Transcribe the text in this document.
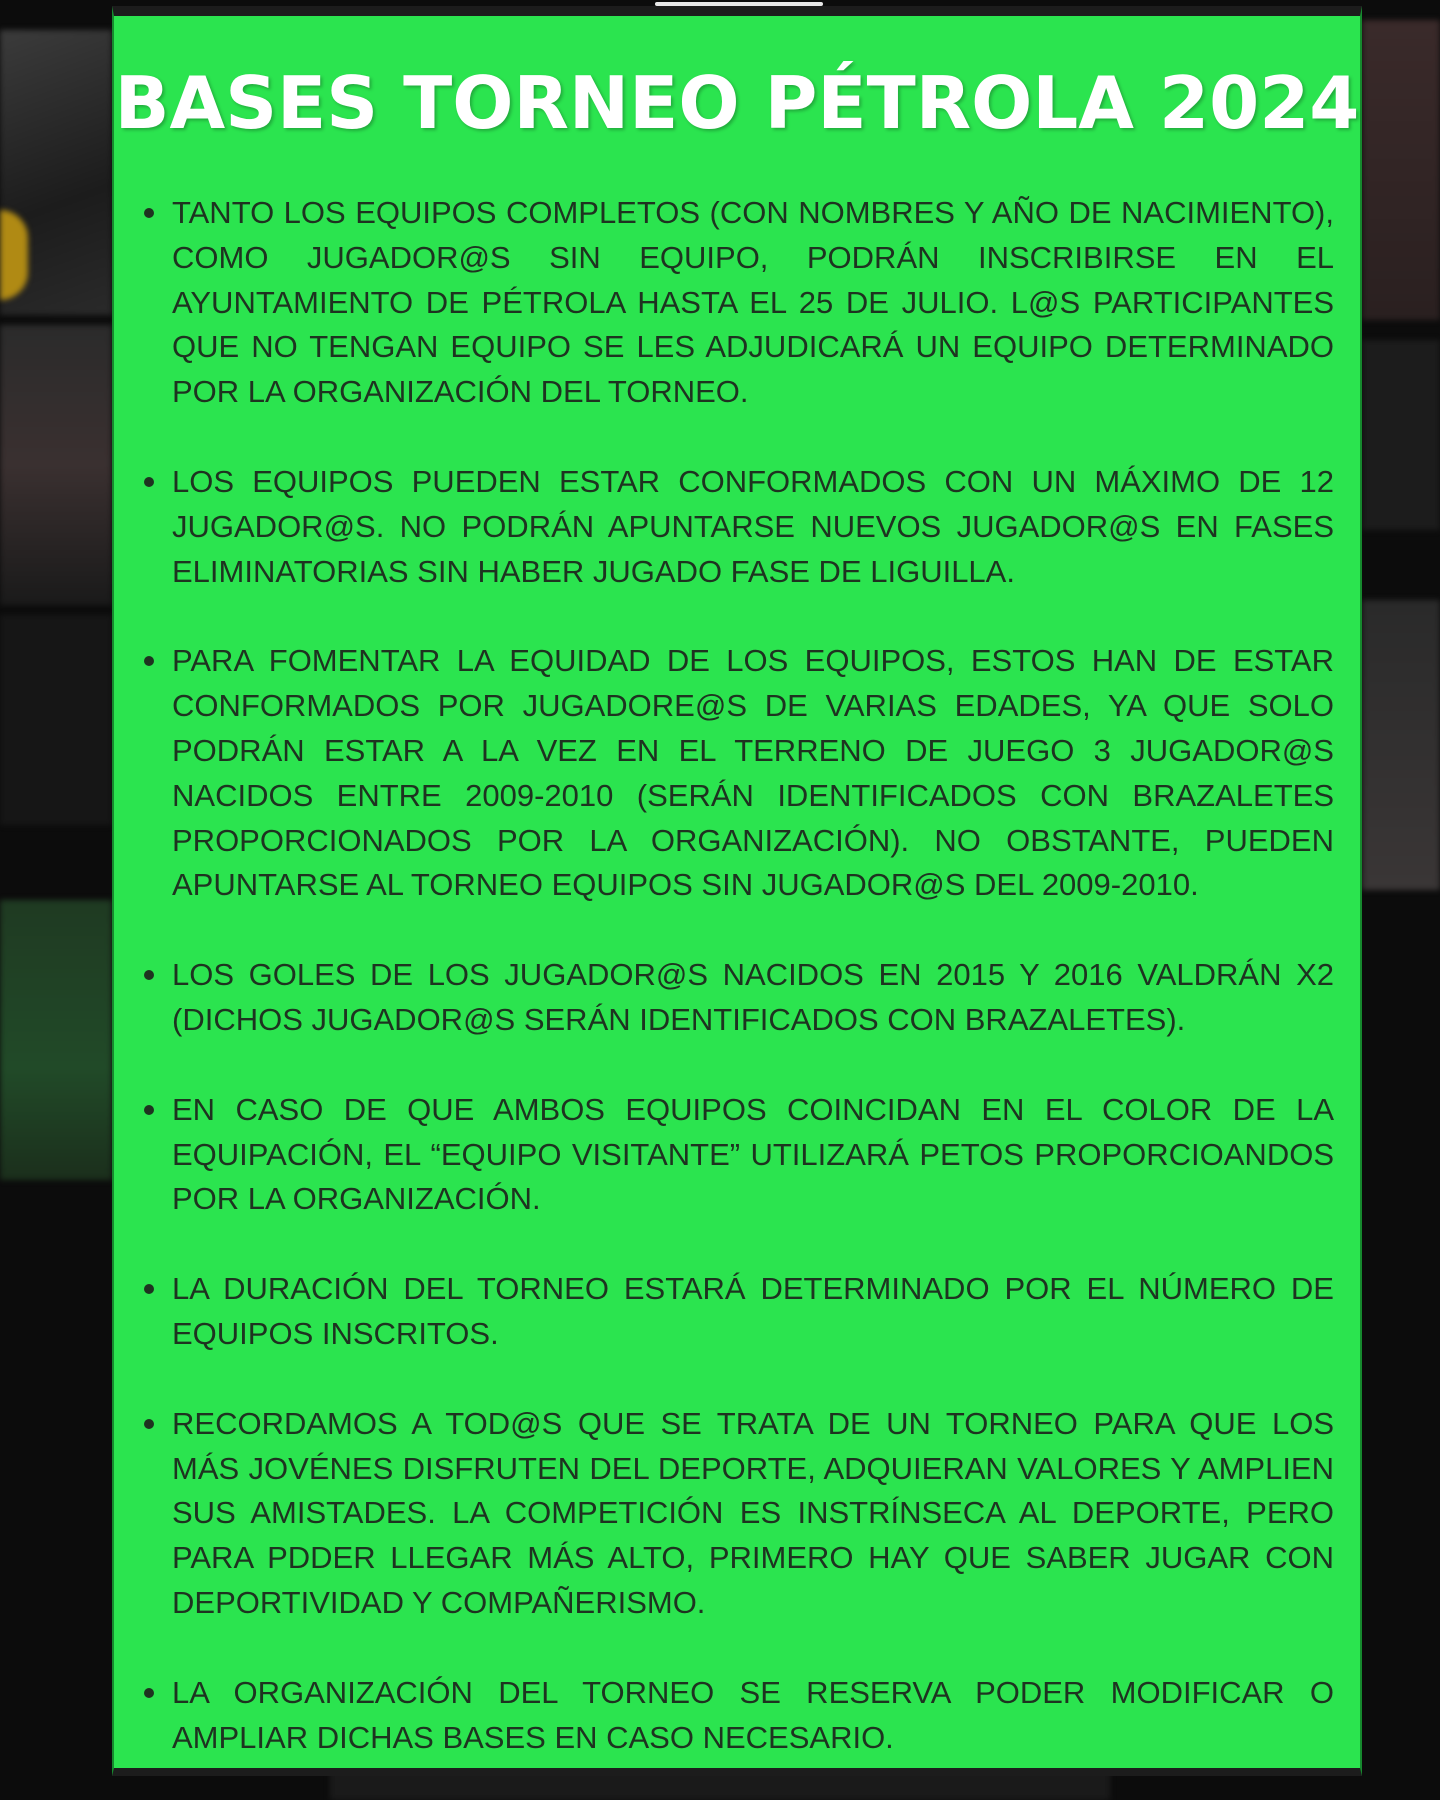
BASES TORNEO PÉTROLA 2024
TANTO LOS EQUIPOS COMPLETOS (CON NOMBRES Y AÑO DE NACIMIENTO), COMO JUGADOR@S SIN EQUIPO, PODRÁN INSCRIBIRSE EN EL AYUNTAMIENTO DE PÉTROLA HASTA EL 25 DE JULIO. L@S PARTICIPANTES QUE NO TENGAN EQUIPO SE LES ADJUDICARÁ UN EQUIPO DETERMINADO POR LA ORGANIZACIÓN DEL TORNEO.
LOS EQUIPOS PUEDEN ESTAR CONFORMADOS CON UN MÁXIMO DE 12 JUGADOR@S. NO PODRÁN APUNTARSE NUEVOS JUGADOR@S EN FASES ELIMINATORIAS SIN HABER JUGADO FASE DE LIGUILLA.
PARA FOMENTAR LA EQUIDAD DE LOS EQUIPOS, ESTOS HAN DE ESTAR CONFORMADOS POR JUGADORE@S DE VARIAS EDADES, YA QUE SOLO PODRÁN ESTAR A LA VEZ EN EL TERRENO DE JUEGO 3 JUGADOR@S NACIDOS ENTRE 2009-2010 (SERÁN IDENTIFICADOS CON BRAZALETES PROPORCIONADOS POR LA ORGANIZACIÓN). NO OBSTANTE, PUEDEN APUNTARSE AL TORNEO EQUIPOS SIN JUGADOR@S DEL 2009-2010.
LOS GOLES DE LOS JUGADOR@S NACIDOS EN 2015 Y 2016 VALDRÁN X2 (DICHOS JUGADOR@S SERÁN IDENTIFICADOS CON BRAZALETES).
EN CASO DE QUE AMBOS EQUIPOS COINCIDAN EN EL COLOR DE LA EQUIPACIÓN, EL “EQUIPO VISITANTE” UTILIZARÁ PETOS PROPORCIOANDOS POR LA ORGANIZACIÓN.
LA DURACIÓN DEL TORNEO ESTARÁ DETERMINADO POR EL NÚMERO DE EQUIPOS INSCRITOS.
RECORDAMOS A TOD@S QUE SE TRATA DE UN TORNEO PARA QUE LOS MÁS JOVÉNES DISFRUTEN DEL DEPORTE, ADQUIERAN VALORES Y AMPLIEN SUS AMISTADES. LA COMPETICIÓN ES INSTRÍNSECA AL DEPORTE, PERO PARA PDDER LLEGAR MÁS ALTO, PRIMERO HAY QUE SABER JUGAR CON DEPORTIVIDAD Y COMPAÑERISMO.
LA ORGANIZACIÓN DEL TORNEO SE RESERVA PODER MODIFICAR O AMPLIAR DICHAS BASES EN CASO NECESARIO.
